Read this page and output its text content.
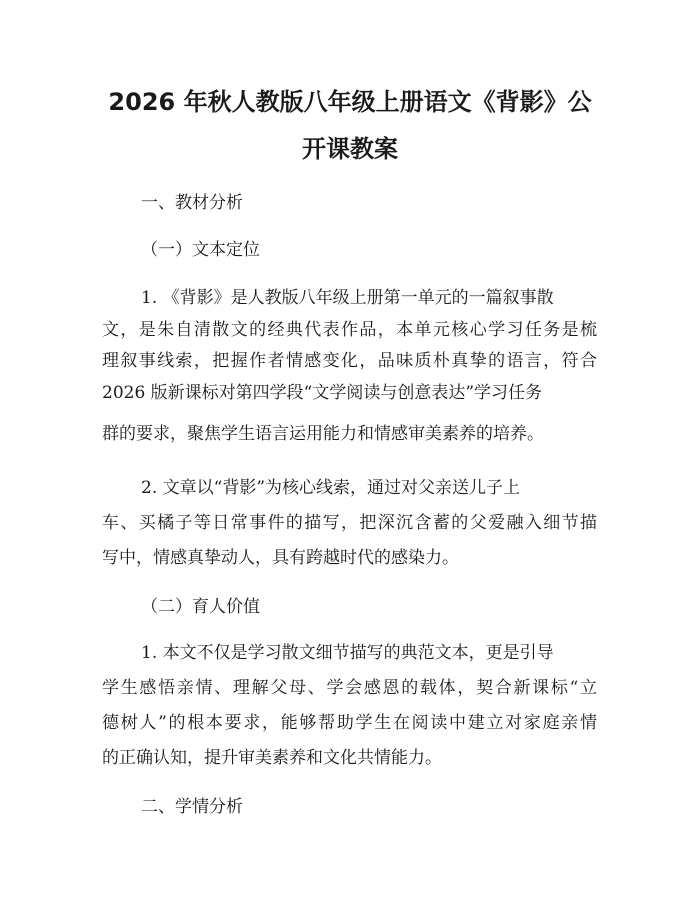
2026 年秋人教版八年级上册语文《背影》公
开课教案
一、教材分析
（一）文本定位
1. 《背影》是人教版八年级上册第一单元的一篇叙事散
文，是朱自清散文的经典代表作品，本单元核心学习任务是梳
理叙事线索，把握作者情感变化，品味质朴真挚的语言，符合
2026 版新课标对第四学段“文学阅读与创意表达”学习任务
群的要求，聚焦学生语言运用能力和情感审美素养的培养。
2. 文章以“背影”为核心线索，通过对父亲送儿子上
车、买橘子等日常事件的描写，把深沉含蓄的父爱融入细节描
写中，情感真挚动人，具有跨越时代的感染力。
（二）育人价值
1. 本文不仅是学习散文细节描写的典范文本，更是引导
学生感悟亲情、理解父母、学会感恩的载体，契合新课标“立
德树人”的根本要求，能够帮助学生在阅读中建立对家庭亲情
的正确认知，提升审美素养和文化共情能力。
二、学情分析
